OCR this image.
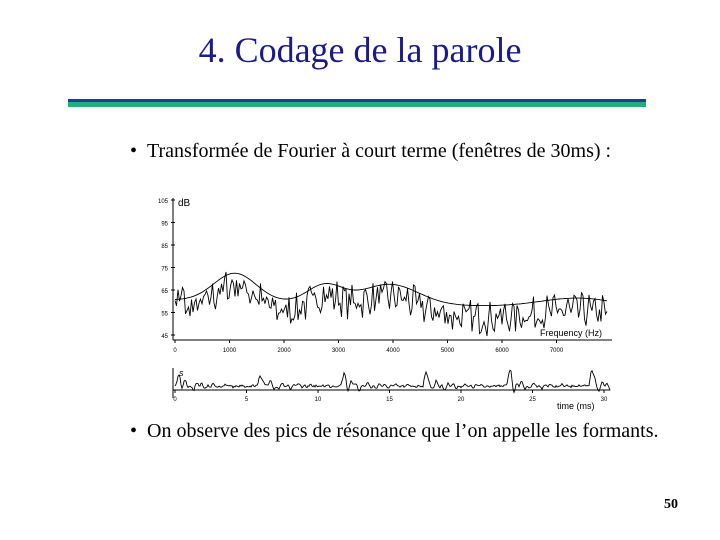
4. Codage de la parole
• Transformée de Fourier à court terme (fenêtres de 30ms) :
dB
Frequency (Hz)
105
95
85
75
65
55
45
0	1000	2000	3000	4000	5000	6000	7000
s
time (ms)
0	5	10	15	20	25	30
• On observe des pics de résonance que l’on appelle les formants.
50
